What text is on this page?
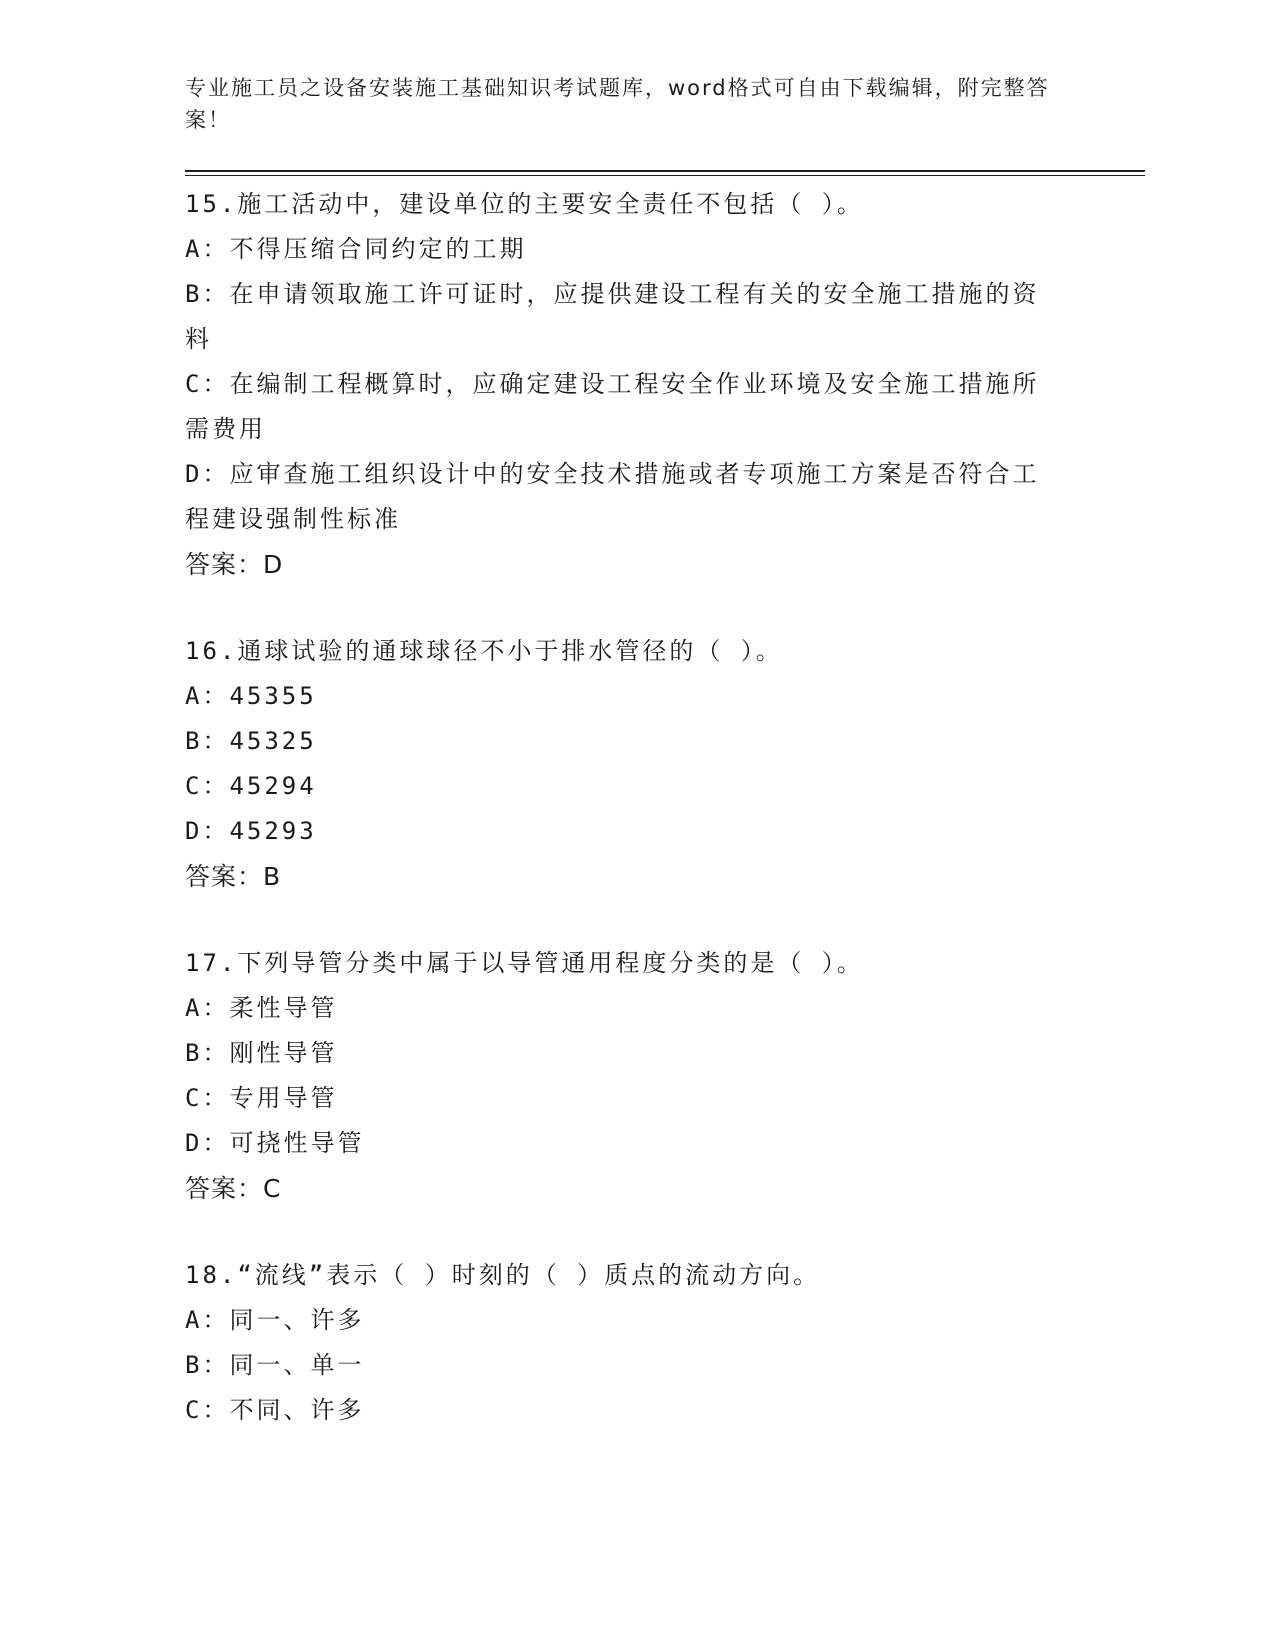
专业施工员之设备安装施工基础知识考试题库，word格式可自由下载编辑，附完整答案！

15.施工活动中，建设单位的主要安全责任不包括（ ）。

A：不得压缩合同约定的工期

B：在申请领取施工许可证时，应提供建设工程有关的安全施工措施的资料

C：在编制工程概算时，应确定建设工程安全作业环境及安全施工措施所需费用

D：应审查施工组织设计中的安全技术措施或者专项施工方案是否符合工程建设强制性标准

答案：D

16.通球试验的通球球径不小于排水管径的（ ）。

A：45355

B：45325

C：45294

D：45293

答案：B

17.下列导管分类中属于以导管通用程度分类的是（ ）。

A：柔性导管

B：刚性导管

C：专用导管

D：可挠性导管

答案：C

18.“流线”表示（ ）时刻的（ ）质点的流动方向。

A：同一、许多

B：同一、单一

C：不同、许多
